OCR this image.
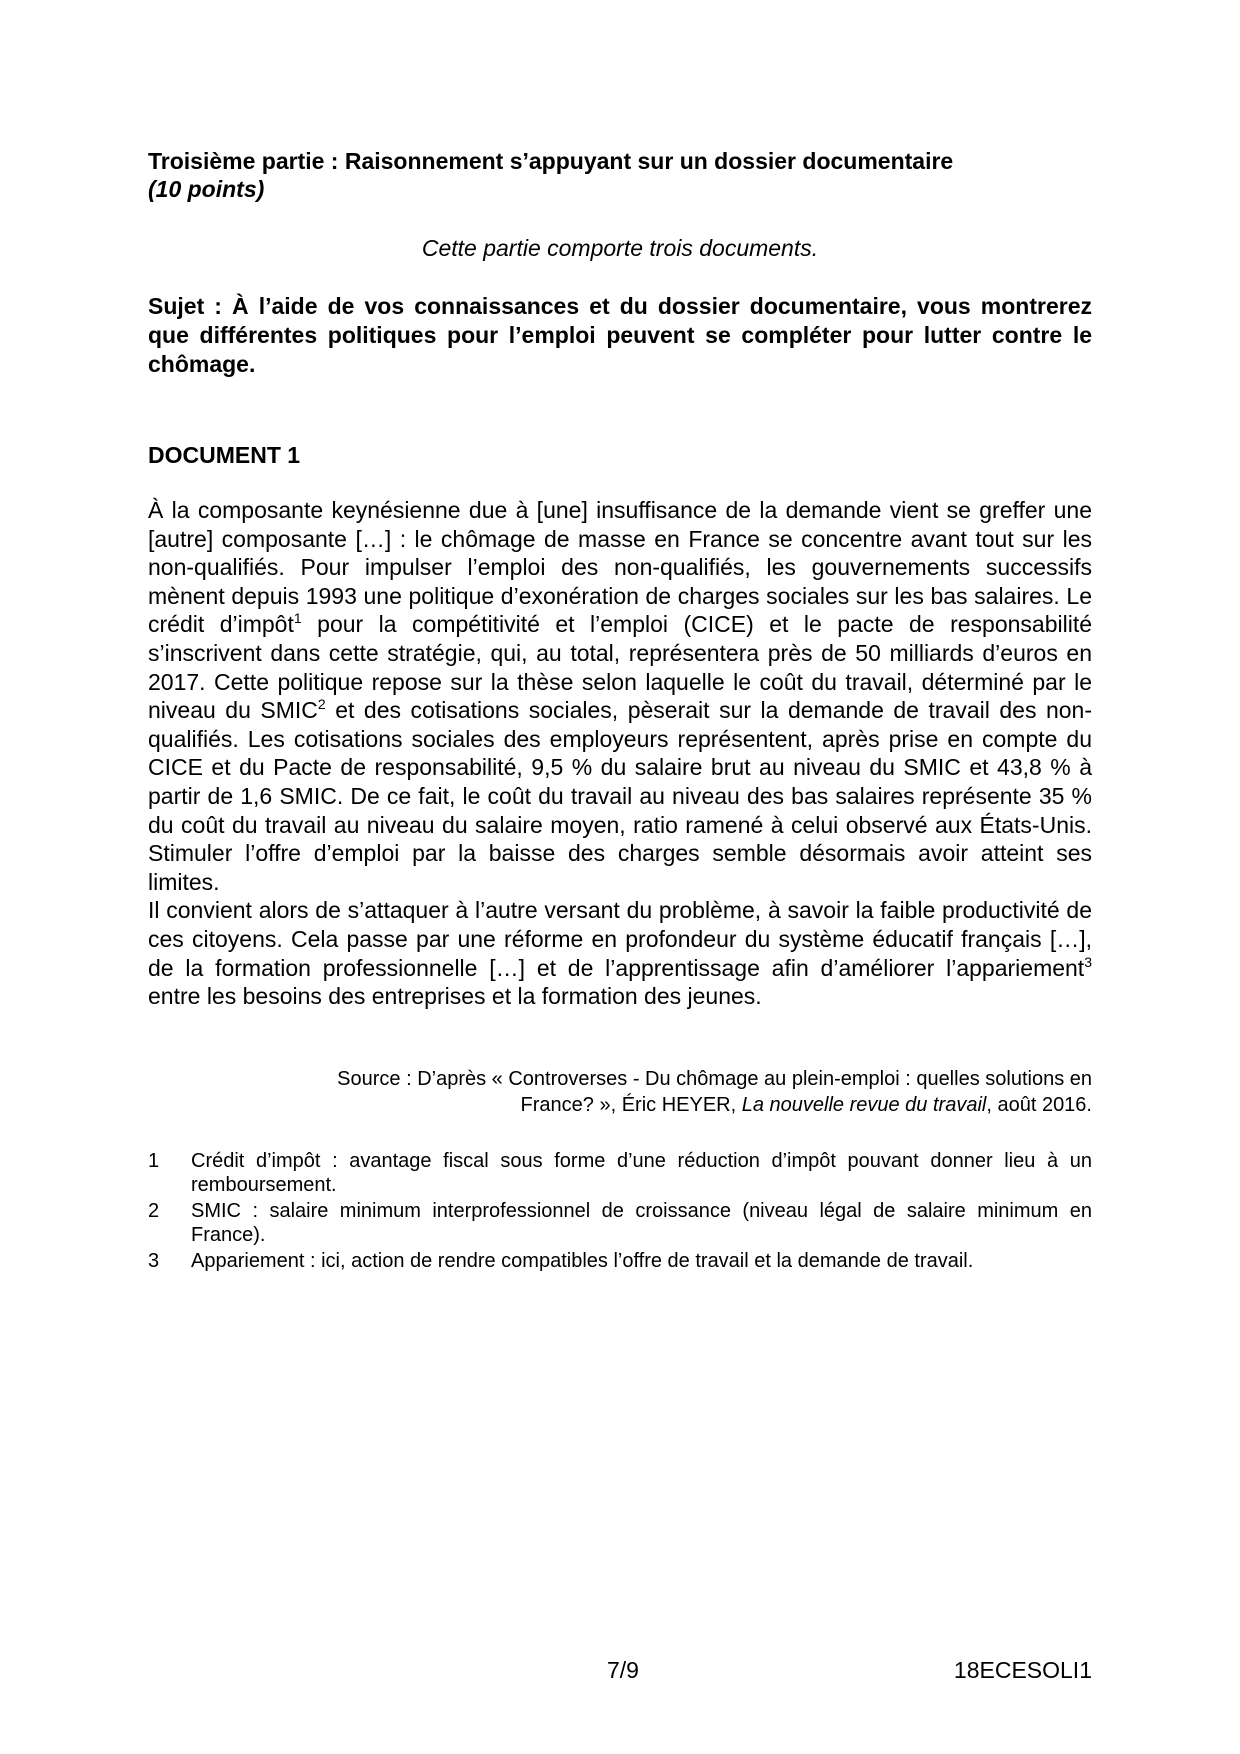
Troisième partie : Raisonnement s’appuyant sur un dossier documentaire
(10 points)
Cette partie comporte trois documents.
Sujet : À l’aide de vos connaissances et du dossier documentaire, vous montrerez que différentes politiques pour l’emploi peuvent se compléter pour lutter contre le chômage.
DOCUMENT 1

À la composante keynésienne due à [une] insuffisance de la demande vient se greffer une [autre] composante […] : le chômage de masse en France se concentre avant tout sur les non-qualifiés. Pour impulser l’emploi des non-qualifiés, les gouvernements successifs mènent depuis 1993 une politique d’exonération de charges sociales sur les bas salaires. Le crédit d’impôt$^1$ pour la compétitivité et l’emploi (CICE) et le pacte de responsabilité s’inscrivent dans cette stratégie, qui, au total, représentera près de 50 milliards d’euros en 2017. Cette politique repose sur la thèse selon laquelle le coût du travail, déterminé par le niveau du SMIC$^2$ et des cotisations sociales, pèserait sur la demande de travail des non-qualifiés. Les cotisations sociales des employeurs représentent, après prise en compte du CICE et du Pacte de responsabilité, 9,5 % du salaire brut au niveau du SMIC et 43,8 % à partir de 1,6 SMIC. De ce fait, le coût du travail au niveau des bas salaires représente 35 % du coût du travail au niveau du salaire moyen, ratio ramené à celui observé aux États-Unis. Stimuler l’offre d’emploi par la baisse des charges semble désormais avoir atteint ses limites.

Il convient alors de s’attaquer à l’autre versant du problème, à savoir la faible productivité de ces citoyens. Cela passe par une réforme en profondeur du système éducatif français […], de la formation professionnelle […] et de l’apprentissage afin d’améliorer l’appariement$^3$ entre les besoins des entreprises et la formation des jeunes.

Source : D’après « Controverses - Du chômage au plein-emploi : quelles solutions en
France? », Éric HEYER, La nouvelle revue du travail, août 2016.
1	Crédit d’impôt : avantage fiscal sous forme d’une réduction d’impôt pouvant donner lieu à un remboursement.
2	SMIC : salaire minimum interprofessionnel de croissance (niveau légal de salaire minimum en France).
3	Appariement : ici, action de rendre compatibles l’offre de travail et la demande de travail.
7/9	18ECESOLI1
